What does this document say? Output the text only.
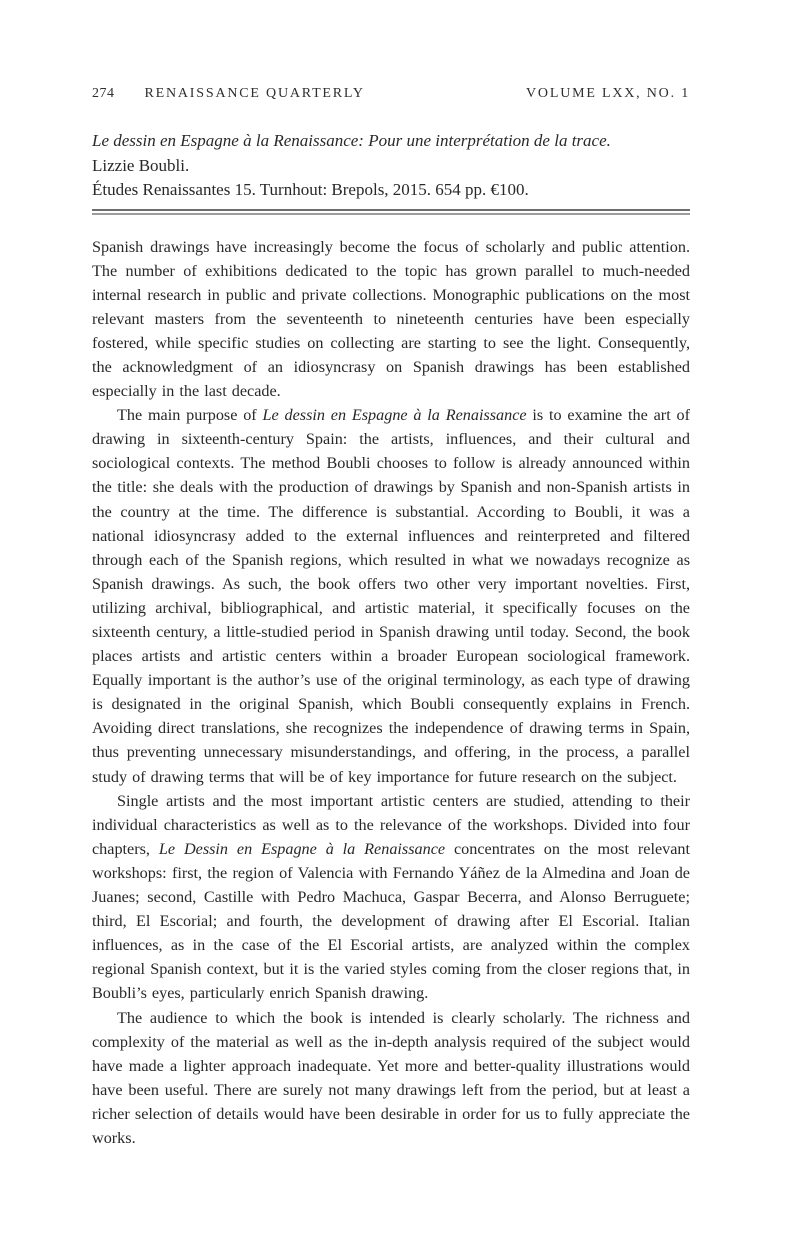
274 RENAISSANCE QUARTERLY	VOLUME LXX, NO. 1
Le dessin en Espagne à la Renaissance: Pour une interprétation de la trace.
Lizzie Boubli.
Études Renaissantes 15. Turnhout: Brepols, 2015. 654 pp. €100.

Spanish drawings have increasingly become the focus of scholarly and public attention. The number of exhibitions dedicated to the topic has grown parallel to much-needed internal research in public and private collections. Monographic publications on the most relevant masters from the seventeenth to nineteenth centuries have been especially fostered, while specific studies on collecting are starting to see the light. Consequently, the acknowledgment of an idiosyncrasy on Spanish drawings has been established especially in the last decade.

The main purpose of Le dessin en Espagne à la Renaissance is to examine the art of drawing in sixteenth-century Spain: the artists, influences, and their cultural and sociological contexts. The method Boubli chooses to follow is already announced within the title: she deals with the production of drawings by Spanish and non-Spanish artists in the country at the time. The difference is substantial. According to Boubli, it was a national idiosyncrasy added to the external influences and reinterpreted and filtered through each of the Spanish regions, which resulted in what we nowadays recognize as Spanish drawings. As such, the book offers two other very important novelties. First, utilizing archival, bibliographical, and artistic material, it specifically focuses on the sixteenth century, a little-studied period in Spanish drawing until today. Second, the book places artists and artistic centers within a broader European sociological framework. Equally important is the author’s use of the original terminology, as each type of drawing is designated in the original Spanish, which Boubli consequently explains in French. Avoiding direct translations, she recognizes the independence of drawing terms in Spain, thus preventing unnecessary misunderstandings, and offering, in the process, a parallel study of drawing terms that will be of key importance for future research on the subject.

Single artists and the most important artistic centers are studied, attending to their individual characteristics as well as to the relevance of the workshops. Divided into four chapters, Le Dessin en Espagne à la Renaissance concentrates on the most relevant workshops: first, the region of Valencia with Fernando Yáñez de la Almedina and Joan de Juanes; second, Castille with Pedro Machuca, Gaspar Becerra, and Alonso Berruguete; third, El Escorial; and fourth, the development of drawing after El Escorial. Italian influences, as in the case of the El Escorial artists, are analyzed within the complex regional Spanish context, but it is the varied styles coming from the closer regions that, in Boubli’s eyes, particularly enrich Spanish drawing.

The audience to which the book is intended is clearly scholarly. The richness and complexity of the material as well as the in-depth analysis required of the subject would have made a lighter approach inadequate. Yet more and better-quality illustrations would have been useful. There are surely not many drawings left from the period, but at least a richer selection of details would have been desirable in order for us to fully appreciate the works.
